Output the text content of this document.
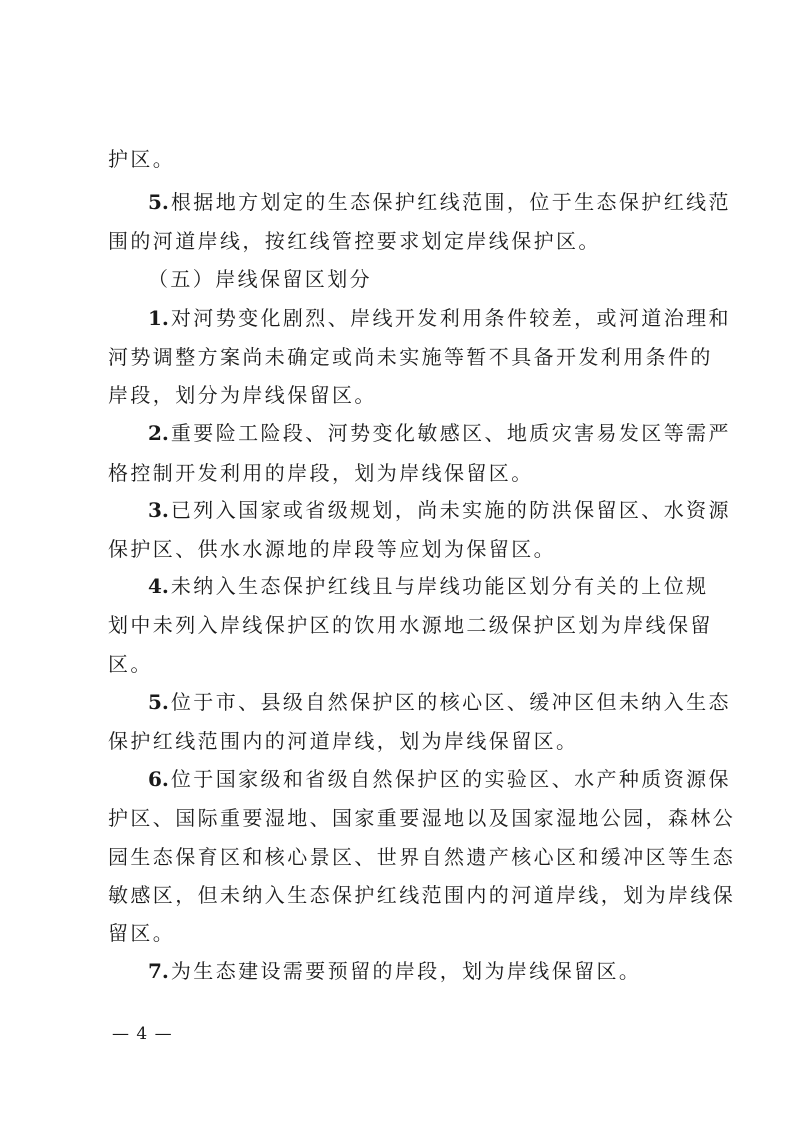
护区。
5. 根据地方划定的生态保护红线范围，位于生态保护红线范
围的河道岸线，按红线管控要求划定岸线保护区。
（五）岸线保留区划分
1. 对河势变化剧烈、岸线开发利用条件较差，或河道治理和
河势调整方案尚未确定或尚未实施等暂不具备开发利用条件的
岸段，划分为岸线保留区。
2. 重要险工险段、河势变化敏感区、地质灾害易发区等需严
格控制开发利用的岸段，划为岸线保留区。
3. 已列入国家或省级规划，尚未实施的防洪保留区、水资源
保护区、供水水源地的岸段等应划为保留区。
4. 未纳入生态保护红线且与岸线功能区划分有关的上位规
划中未列入岸线保护区的饮用水源地二级保护区划为岸线保留
区。
5. 位于市、县级自然保护区的核心区、缓冲区但未纳入生态
保护红线范围内的河道岸线，划为岸线保留区。
6. 位于国家级和省级自然保护区的实验区、水产种质资源保
护区、国际重要湿地、国家重要湿地以及国家湿地公园，森林公
园生态保育区和核心景区、世界自然遗产核心区和缓冲区等生态
敏感区，但未纳入生态保护红线范围内的河道岸线，划为岸线保
留区。
7. 为生态建设需要预留的岸段，划为岸线保留区。
— 4 —
